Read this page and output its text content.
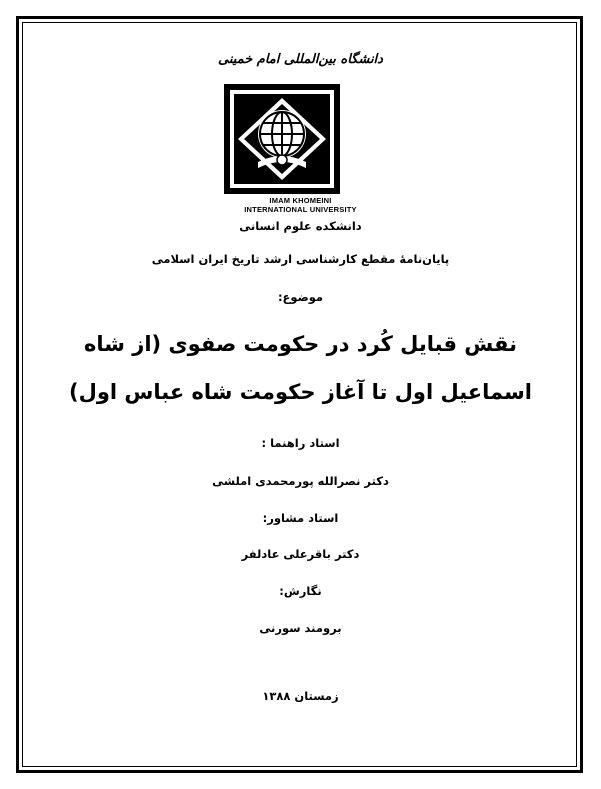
دانشگاه بین‌المللی امام خمینی
IMAM KHOMEINI
INTERNATIONAL UNIVERSITY
دانشکده علوم انسانی
پایان‌نامۀ مقطع کارشناسی ارشد تاریخ ایران اسلامی
موضوع:
نقش قبایل کُرد در حکومت صفوی (از شاه
اسماعیل اول تا آغاز حکومت شاه عباس اول)
استاد راهنما :
دکتر نصرالله پورمحمدی املشی
استاد مشاور:
دکتر باقرعلی عادلفر
نگارش:
برومند سورنی
زمستان ۱۳۸۸
